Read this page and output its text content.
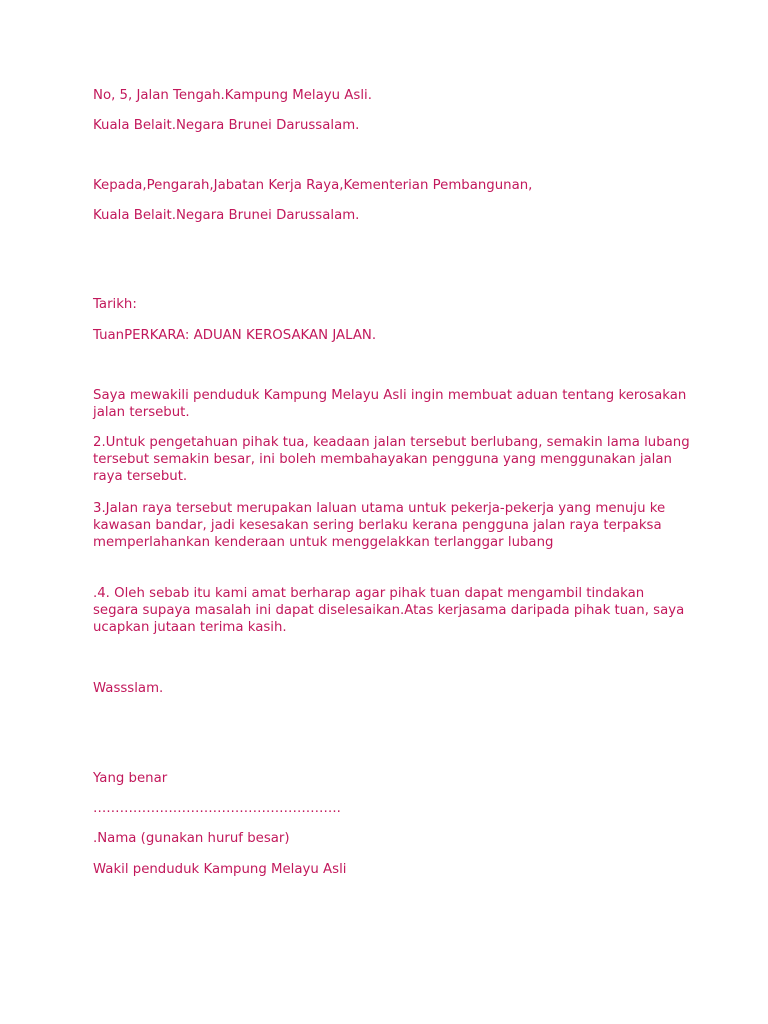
No, 5, Jalan Tengah.Kampung Melayu Asli.

Kuala Belait.Negara Brunei Darussalam.

Kepada,Pengarah,Jabatan Kerja Raya,Kementerian Pembangunan,

Kuala Belait.Negara Brunei Darussalam.

Tarikh:

TuanPERKARA: ADUAN KEROSAKAN JALAN.

Saya mewakili penduduk Kampung Melayu Asli ingin membuat aduan tentang kerosakan jalan tersebut.

2.Untuk pengetahuan pihak tua, keadaan jalan tersebut berlubang, semakin lama lubang tersebut semakin besar, ini boleh membahayakan pengguna yang menggunakan jalan raya tersebut.

3.Jalan raya tersebut merupakan laluan utama untuk pekerja-pekerja yang menuju ke kawasan bandar, jadi kesesakan sering berlaku kerana pengguna jalan raya terpaksa memperlahankan kenderaan untuk menggelakkan terlanggar lubang

.4. Oleh sebab itu kami amat berharap agar pihak tuan dapat mengambil tindakan segara supaya masalah ini dapat diselesaikan.Atas kerjasama daripada pihak tuan, saya ucapkan jutaan terima kasih.

Wassslam.

Yang benar

………………………………………………..

.Nama (gunakan huruf besar)

Wakil penduduk Kampung Melayu Asli
